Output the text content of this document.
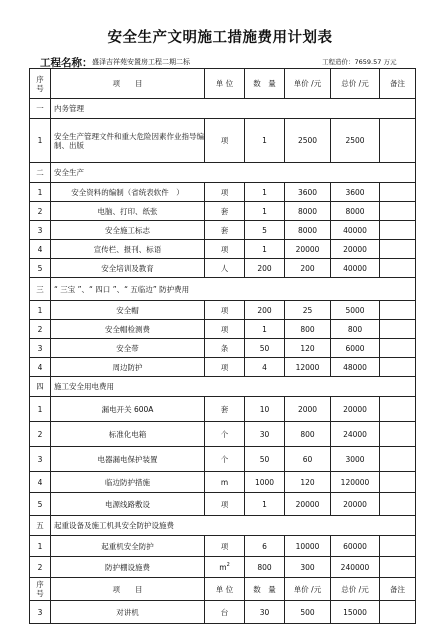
安全生产文明施工措施费用计划表
工程名称： 盛泽吉祥苑安置房工程二期二标	工程造价：7659.57 万元
序
号	项　　目	单 位	数　量	单价 /元	总价 /元	备注
一	内务管理					
1	安全生产管理文件和重大危险因素作业指导编制、出版	项	1	2500	2500	
二	安全生产					
1	安全资料的编制（省统表软件　）	项	1	3600	3600	
2	电脑、打印、纸张	套	1	8000	8000	
3	安全施工标志	套	5	8000	40000	
4	宣传栏、报刊、标语	项	1	20000	20000	
5	安全培训及教育	人	200	200	40000	
三	“ 三宝 ”、“ 四口 ”、“ 五临边” 防护费用					
1	安全帽	项	200	25	5000	
2	安全帽检测费	项	1	800	800	
3	安全带	条	50	120	6000	
4	周边防护	项	4	12000	48000	
四	施工安全用电费用					
1	漏电开关 600A	套	10	2000	20000	
2	标准化电箱	个	30	800	24000	
3	电器漏电保护装置	个	50	60	3000	
4	临边防护措施	m	1000	120	120000	
5	电源线路敷设	项	1	20000	20000	
五	起重设备及施工机具安全防护设施费					
1	起重机安全防护	项	6	10000	60000	
2	防护棚设施费	$m^2$	800	300	240000	
序
号	项　　目	单 位	数　量	单价 /元	总价 /元	备注
3	对讲机	台	30	500	15000	
